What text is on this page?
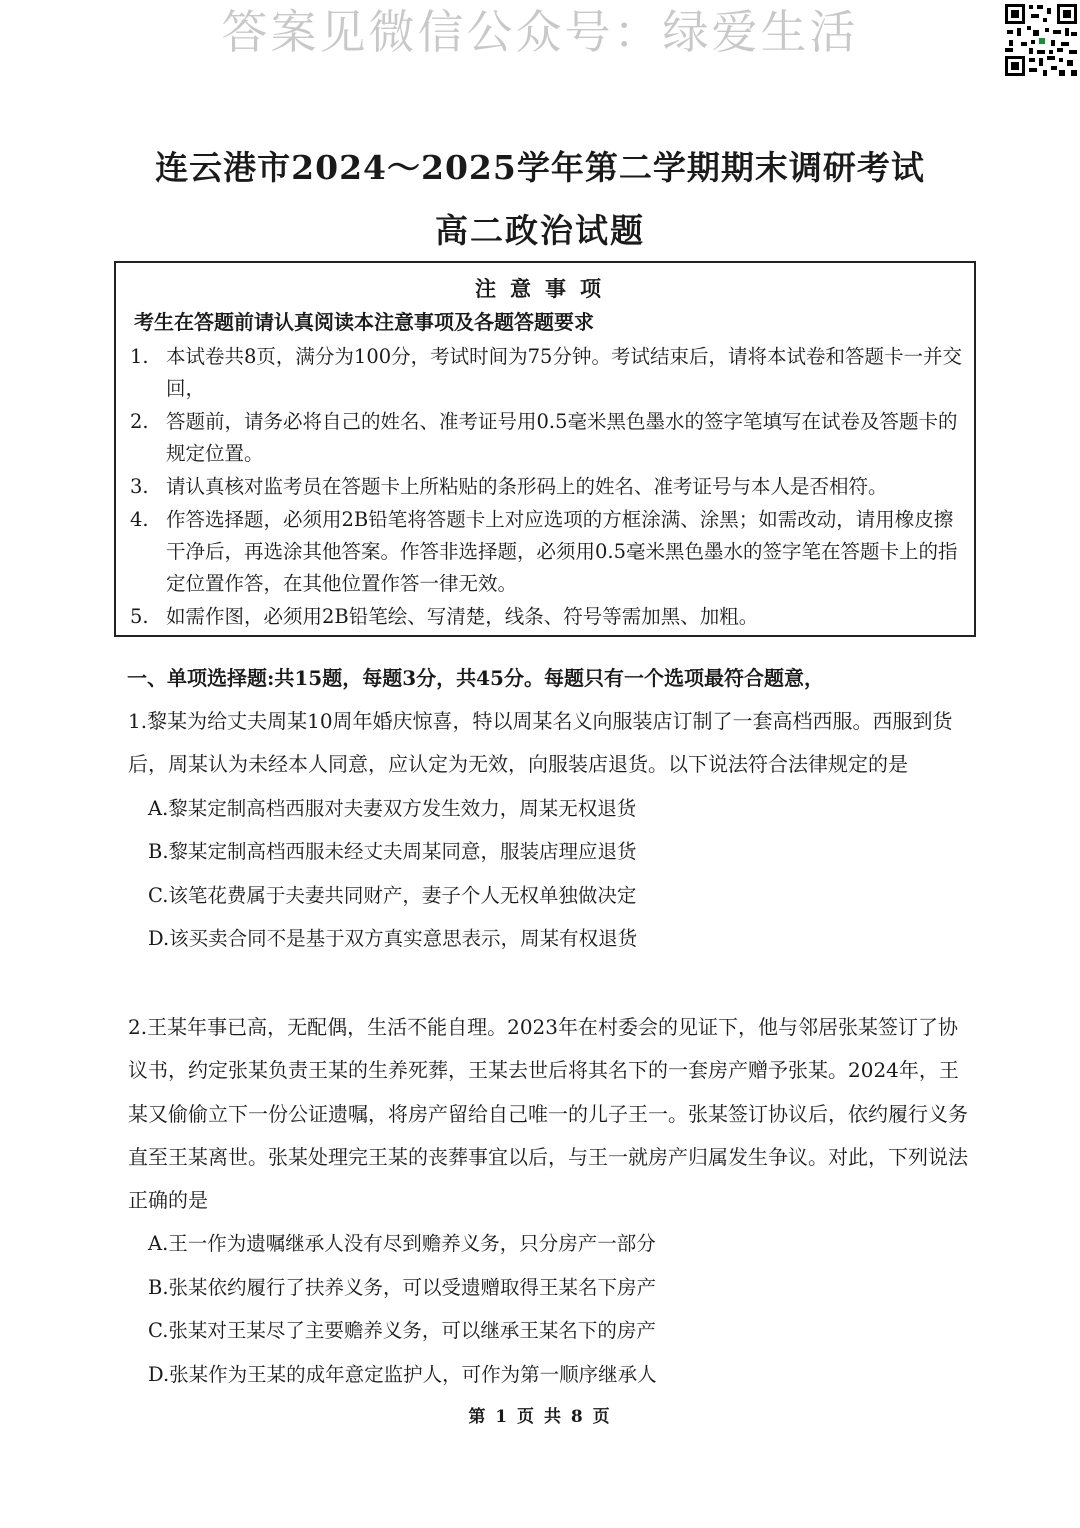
答案见微信公众号：绿爱生活
连云港市2024～2025学年第二学期期末调研考试
高二政治试题
注意事项
考生在答题前请认真阅读本注意事项及各题答题要求
1. 本试卷共8页，满分为100分，考试时间为75分钟。考试结束后，请将本试卷和答题卡一并交回，
2. 答题前，请务必将自己的姓名、准考证号用0.5毫米黑色墨水的签字笔填写在试卷及答题卡的规定位置。
3. 请认真核对监考员在答题卡上所粘贴的条形码上的姓名、准考证号与本人是否相符。
4. 作答选择题，必须用2B铅笔将答题卡上对应选项的方框涂满、涂黑；如需改动，请用橡皮擦干净后，再选涂其他答案。作答非选择题，必须用0.5毫米黑色墨水的签字笔在答题卡上的指定位置作答，在其他位置作答一律无效。
5. 如需作图，必须用2B铅笔绘、写清楚，线条、符号等需加黑、加粗。
一、单项选择题:共15题，每题3分，共45分。每题只有一个选项最符合题意，
1.黎某为给丈夫周某10周年婚庆惊喜，特以周某名义向服装店订制了一套高档西服。西服到货后，周某认为未经本人同意，应认定为无效，向服装店退货。以下说法符合法律规定的是
A.黎某定制高档西服对夫妻双方发生效力，周某无权退货
B.黎某定制高档西服未经丈夫周某同意，服装店理应退货
C.该笔花费属于夫妻共同财产，妻子个人无权单独做决定
D.该买卖合同不是基于双方真实意思表示，周某有权退货
2.王某年事已高，无配偶，生活不能自理。2023年在村委会的见证下，他与邻居张某签订了协议书，约定张某负责王某的生养死葬，王某去世后将其名下的一套房产赠予张某。2024年，王某又偷偷立下一份公证遗嘱，将房产留给自己唯一的儿子王一。张某签订协议后，依约履行义务直至王某离世。张某处理完王某的丧葬事宜以后，与王一就房产归属发生争议。对此，下列说法正确的是
A.王一作为遗嘱继承人没有尽到赡养义务，只分房产一部分
B.张某依约履行了扶养义务，可以受遗赠取得王某名下房产
C.张某对王某尽了主要赡养义务，可以继承王某名下的房产
D.张某作为王某的成年意定监护人，可作为第一顺序继承人
第 1 页 共 8 页
